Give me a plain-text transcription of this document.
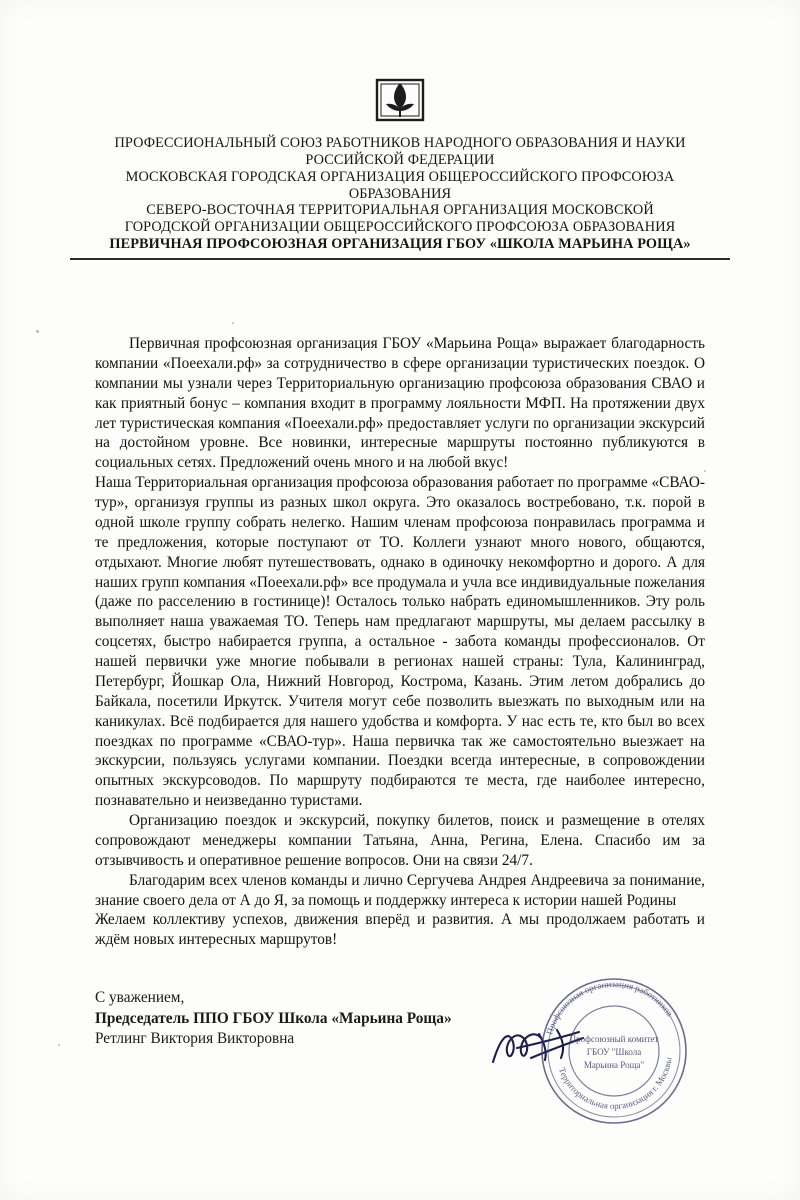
ПРОФЕССИОНАЛЬНЫЙ СОЮЗ РАБОТНИКОВ НАРОДНОГО ОБРАЗОВАНИЯ И НАУКИ
РОССИЙСКОЙ ФЕДЕРАЦИИ
МОСКОВСКАЯ ГОРОДСКАЯ ОРГАНИЗАЦИЯ ОБЩЕРОССИЙСКОГО ПРОФСОЮЗА
ОБРАЗОВАНИЯ
СЕВЕРО-ВОСТОЧНАЯ ТЕРРИТОРИАЛЬНАЯ ОРГАНИЗАЦИЯ МОСКОВСКОЙ
ГОРОДСКОЙ ОРГАНИЗАЦИИ ОБЩЕРОССИЙСКОГО ПРОФСОЮЗА ОБРАЗОВАНИЯ
ПЕРВИЧНАЯ ПРОФСОЮЗНАЯ ОРГАНИЗАЦИЯ ГБОУ «ШКОЛА МАРЬИНА РОЩА»

Первичная профсоюзная организация ГБОУ «Марьина Роща» выражает благодарность компании «Поеехали.рф» за сотрудничество в сфере организации туристических поездок. О компании мы узнали через Территориальную организацию профсоюза образования СВАО и как приятный бонус – компания входит в программу лояльности МФП. На протяжении двух лет туристическая компания «Поеехали.рф» предоставляет услуги по организации экскурсий на достойном уровне. Все новинки, интересные маршруты постоянно публикуются в социальных сетях. Предложений очень много и на любой вкус!

Наша Территориальная организация профсоюза образования работает по программе «СВАО-тур», организуя группы из разных школ округа. Это оказалось востребовано, т.к. порой в одной школе группу собрать нелегко. Нашим членам профсоюза понравилась программа и те предложения, которые поступают от ТО. Коллеги узнают много нового, общаются, отдыхают. Многие любят путешествовать, однако в одиночку некомфортно и дорого. А для наших групп компания «Поеехали.рф» все продумала и учла все индивидуальные пожелания (даже по расселению в гостинице)! Осталось только набрать единомышленников. Эту роль выполняет наша уважаемая ТО. Теперь нам предлагают маршруты, мы делаем рассылку в соцсетях, быстро набирается группа, а остальное - забота команды профессионалов. От нашей первички уже многие побывали в регионах нашей страны: Тула, Калининград, Петербург, Йошкар Ола, Нижний Новгород, Кострома, Казань. Этим летом добрались до Байкала, посетили Иркутск. Учителя могут себе позволить выезжать по выходным или на каникулах. Всё подбирается для нашего удобства и комфорта. У нас есть те, кто был во всех поездках по программе «СВАО-тур». Наша первичка так же самостоятельно выезжает на экскурсии, пользуясь услугами компании. Поездки всегда интересные, в сопровождении опытных экскурсоводов. По маршруту подбираются те места, где наиболее интересно, познавательно и неизведанно туристами.

Организацию поездок и экскурсий, покупку билетов, поиск и размещение в отелях сопровождают менеджеры компании Татьяна, Анна, Регина, Елена. Спасибо им за отзывчивость и оперативное решение вопросов. Они на связи 24/7.

Благодарим всех членов команды и лично Сергучева Андрея Андреевича за понимание, знание своего дела от А до Я, за помощь и поддержку интереса к истории нашей Родины

Желаем коллективу успехов, движения вперёд и развития. А мы продолжаем работать и ждём новых интересных маршрутов!

С уважением,
Председатель ППО ГБОУ Школа «Марьина Роща»
Ретлинг Виктория Викторовна	Профсоюзная организация работников
Территориальная организация г. Москвы
Профсоюзный комитет
ГБОУ "Школа
Марьина Роща"
